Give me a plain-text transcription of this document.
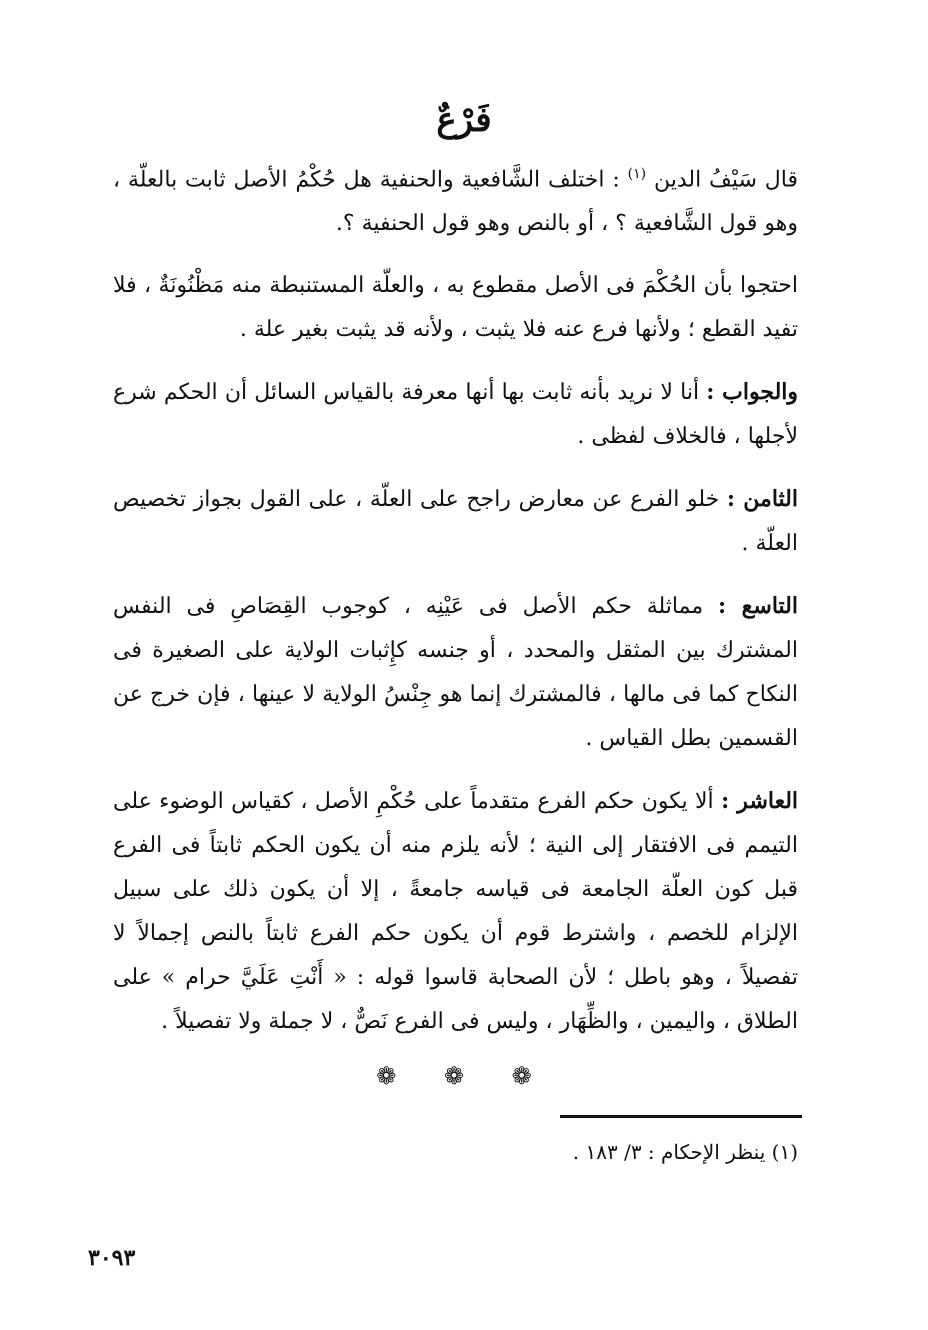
فَرْعٌ

قال سَيْفُ الدين $^{(١)}$ : اختلف الشَّافعية والحنفية هل حُكْمُ الأصل ثابت بالعلّة ، وهو قول الشَّافعية ؟ ، أو بالنص وهو قول الحنفية ؟.

احتجوا بأن الحُكْمَ فى الأصل مقطوع به ، والعلّة المستنبطة منه مَظْنُونَةٌ ، فلا تفيد القطع ؛ ولأنها فرع عنه فلا يثبت ، ولأنه قد يثبت بغير علة .

والجواب : أنا لا نريد بأنه ثابت بها أنها معرفة بالقياس السائل أن الحكم شرع لأجلها ، فالخلاف لفظى .

الثامن : خلو الفرع عن معارض راجح على العلّة ، على القول بجواز تخصيص العلّة .

التاسع : مماثلة حكم الأصل فى عَيْنِه ، كوجوب القِصَاصِ فى النفس المشترك بين المثقل والمحدد ، أو جنسه كإِثبات الولاية على الصغيرة فى النكاح كما فى مالها ، فالمشترك إنما هو جِنْسُ الولاية لا عينها ، فإن خرج عن القسمين بطل القياس .

العاشر : ألا يكون حكم الفرع متقدماً على حُكْمِ الأصل ، كقياس الوضوء على التيمم فى الافتقار إلى النية ؛ لأنه يلزم منه أن يكون الحكم ثابتاً فى الفرع قبل كون العلّة الجامعة فى قياسه جامعةً ، إلا أن يكون ذلك على سبيل الإلزام للخصم ، واشترط قوم أن يكون حكم الفرع ثابتاً بالنص إجمالاً لا تفصيلاً ، وهو باطل ؛ لأن الصحابة قاسوا قوله : « أَنْتِ عَلَيَّ حرام » على الطلاق ، واليمين ، والظِّهَار ، وليس فى الفرع نَصٌّ ، لا جملة ولا تفصيلاً .

❁ ❁ ❁
(١) ينظر الإحكام : ٣/ ١٨٣ .
٣٠٩٣
